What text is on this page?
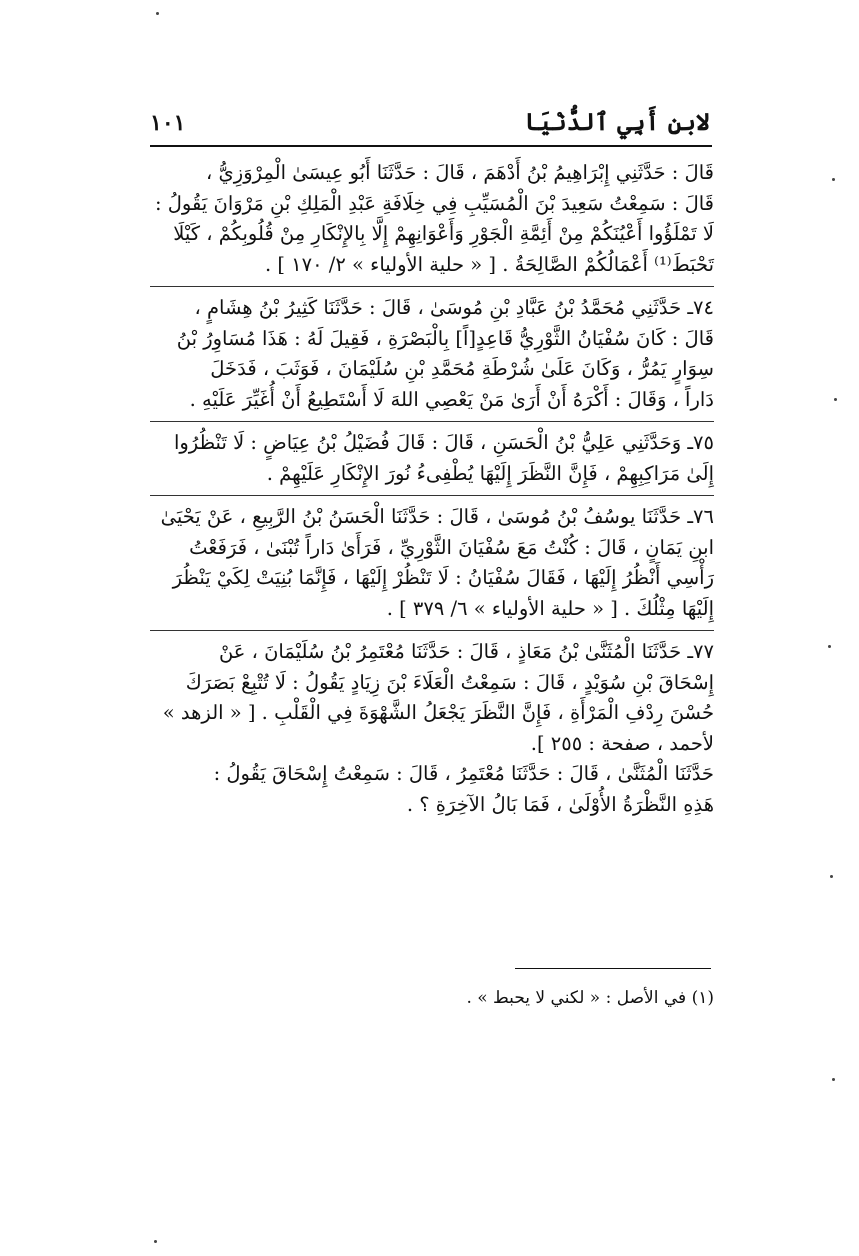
لابنِ أَبِي ٱلدُّنْيَا
١٠١
قَالَ : حَدَّثَنِي إِبْرَاهِيمُ بْنُ أَدْهَمَ ، قَالَ : حَدَّثَنَا أَبُو عِيسَىٰ الْمِرْوَزِيُّ ،
قَالَ : سَمِعْتُ سَعِيدَ بْنَ الْمُسَيِّبِ فِي خِلَافَةِ عَبْدِ الْمَلِكِ بْنِ مَرْوَانَ يَقُولُ :
لَا تَمْلَؤُوا أَعْيُنَكُمْ مِنْ أَئِمَّةِ الْجَوْرِ وَأَعْوَانِهِمْ إِلَّا بِالإِنْكَارِ مِنْ قُلُوبِكُمْ ، كَيْلَا
تَحْبَطَ⁽¹⁾ أَعْمَالُكُمْ الصَّالِحَةُ . [ « حلية الأولياء » ٢/ ١٧٠ ] .
٧٤ـ حَدَّثَنِي مُحَمَّدُ بْنُ عَبَّادِ بْنِ مُوسَىٰ ، قَالَ : حَدَّثَنَا كَثِيرُ بْنُ هِشَامٍ ،
قَالَ : كَانَ سُفْيَانُ الثَّوْرِيُّ قَاعِدٍ[اً] بِالْبَصْرَةِ ، فَقِيلَ لَهُ : هَذَا مُسَاوِرُ بْنُ
سِوَارٍ يَمُرُّ ، وَكَانَ عَلَىٰ شُرْطَةِ مُحَمَّدِ بْنِ سُلَيْمَانَ ، فَوَثَبَ ، فَدَخَلَ
دَاراً ، وَقَالَ : أَكْرَهُ أَنْ أَرَىٰ مَنْ يَعْصِي اللهَ لَا أَسْتَطِيعُ أَنْ أُغَيِّرَ عَلَيْهِ .
٧٥ـ وَحَدَّثَنِي عَلِيُّ بْنُ الْحَسَنِ ، قَالَ : قَالَ فُضَيْلُ بْنُ عِيَاضٍ : لَا تَنْظُرُوا
إِلَىٰ مَرَاكِبِهِمْ ، فَإِنَّ النَّظَرَ إِلَيْهَا يُطْفِىءُ نُورَ الإِنْكَارِ عَلَيْهِمْ .
٧٦ـ حَدَّثَنَا يوسُفُ بْنُ مُوسَىٰ ، قَالَ : حَدَّثَنَا الْحَسَنُ بْنُ الرَّبِيعِ ، عَنْ يَحْيَىٰ
ابنِ يَمَانٍ ، قَالَ : كُنْتُ مَعَ سُفْيَانَ الثَّوْرِيِّ ، فَرَأَىٰ دَاراً تُبْنَىٰ ، فَرَفَعْتُ
رَأْسِي أَنْظُرُ إِلَيْهَا ، فَقَالَ سُفْيَانُ : لَا تَنْظُرْ إِلَيْهَا ، فَإِنَّمَا بُنِيَتْ لِكَيْ يَنْظُرَ
إِلَيْهَا مِثْلُكَ . [ « حلية الأولياء » ٦/ ٣٧٩ ] .
٧٧ـ حَدَّثَنَا الْمُثَنَّىٰ بْنُ مَعَاذٍ ، قَالَ : حَدَّثَنَا مُعْتَمِرُ بْنُ سُلَيْمَانَ ، عَنْ
إِسْحَاقَ بْنِ سُوَيْدٍ ، قَالَ : سَمِعْتُ الْعَلَاءَ بْنَ زِيَادٍ يَقُولُ : لَا تُتْبِعْ بَصَرَكَ
حُسْنَ رِدْفِ الْمَرْأَةِ ، فَإِنَّ النَّظَرَ يَجْعَلُ الشَّهْوَةَ فِي الْقَلْبِ . [ « الزهد »
لأحمد ، صفحة : ٢٥٥ ].
حَدَّثَنَا الْمُثَنَّىٰ ، قَالَ : حَدَّثَنَا مُعْتَمِرُ ، قَالَ : سَمِعْتُ إِسْحَاقَ يَقُولُ :
هَذِهِ النَّظْرَةُ الأُوْلَىٰ ، فَمَا بَالُ الآخِرَةِ ؟ .
(١) في الأصل : « لكني لا يحبط » .
